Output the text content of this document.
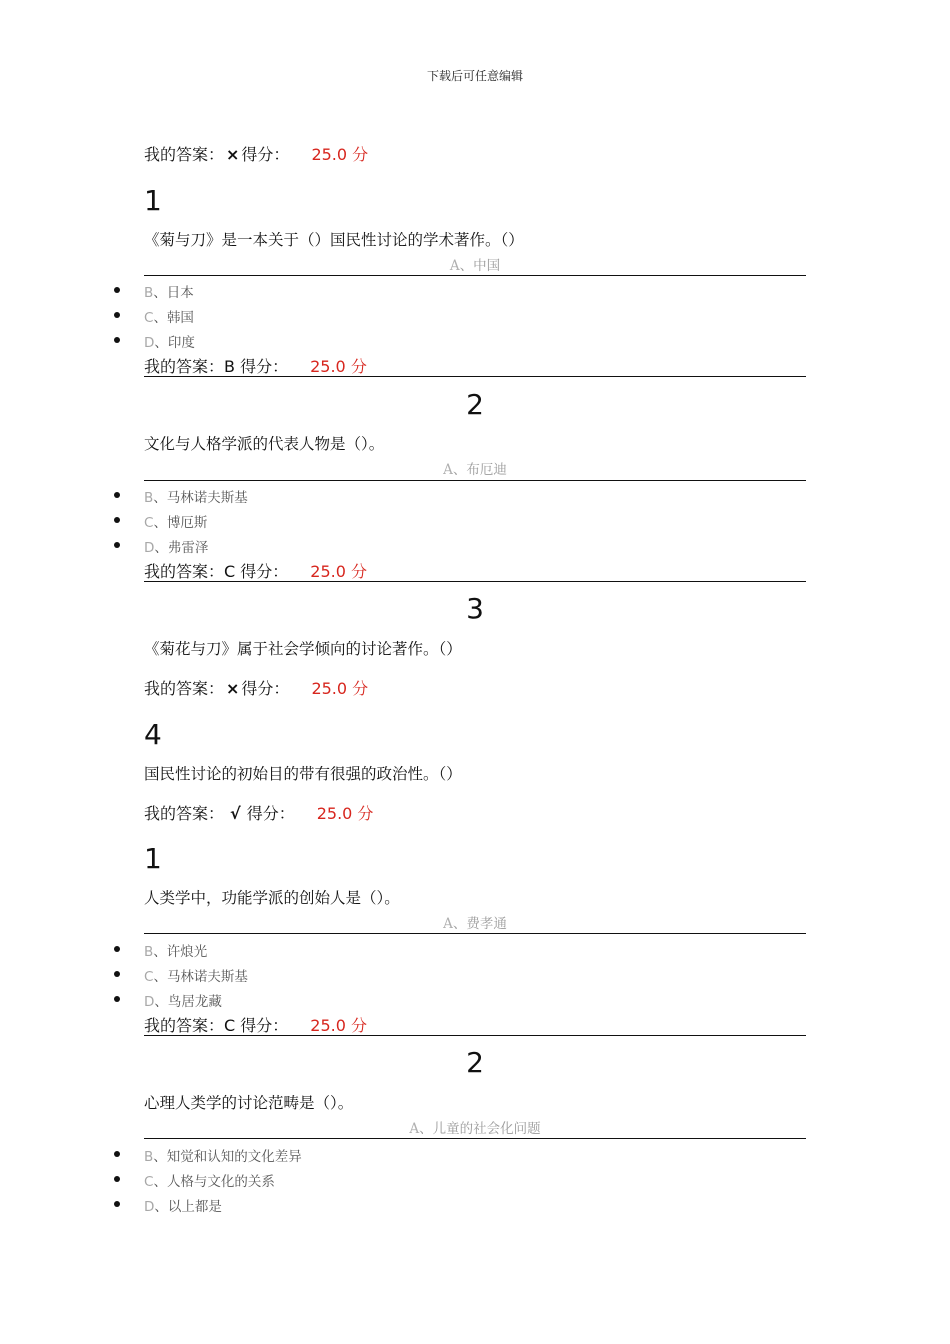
下载后可任意编辑
我的答案： × 得分： 25.0 分
1
《菊与刀》是一本关于（）国民性讨论的学术著作。（）
A、中国
B、日本
C、韩国
D、印度
我的答案：B 得分： 25.0 分
2
文化与人格学派的代表人物是（）。
A、布厄迪
B、马林诺夫斯基
C、博厄斯
D、弗雷泽
我的答案：C 得分： 25.0 分
3
《菊花与刀》属于社会学倾向的讨论著作。（）
我的答案： × 得分： 25.0 分
4
国民性讨论的初始目的带有很强的政治性。（）
我的答案： √ 得分： 25.0 分
1
人类学中，功能学派的创始人是（）。
A、费孝通
B、许烺光
C、马林诺夫斯基
D、鸟居龙藏
我的答案：C 得分： 25.0 分
2
心理人类学的讨论范畴是（）。
A、儿童的社会化问题
B、知觉和认知的文化差异
C、人格与文化的关系
D、以上都是
